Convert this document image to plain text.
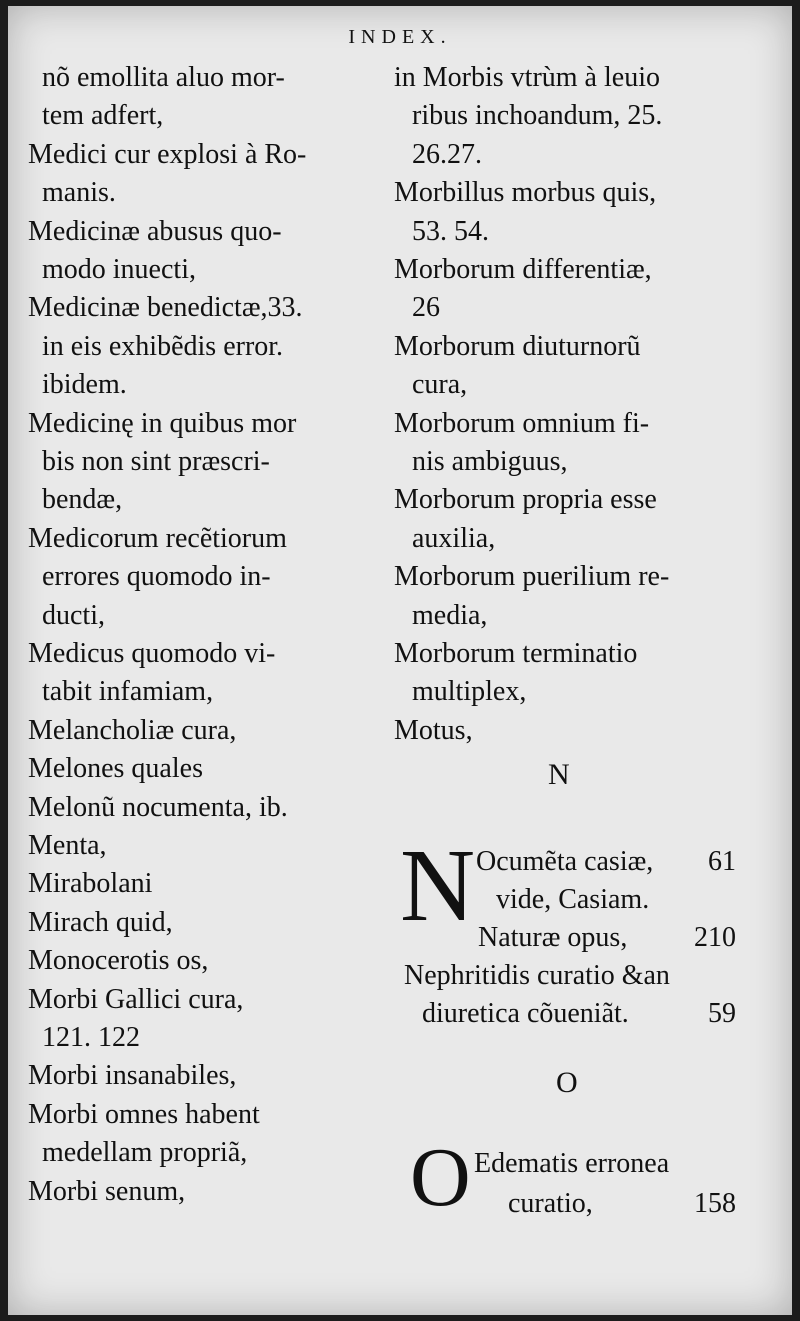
INDEX.
nõ emollita aluo mor-
tem adfert,
Medici cur explosi à Ro-
manis.
Medicinæ abusus quo-
modo inuecti,
Medicinæ benedictæ,33.
in eis exhibẽdis error.
ibidem.
Medicinę in quibus mor
bis non sint præscri-
bendæ,
Medicorum recẽtiorum
errores quomodo in-
ducti,
Medicus quomodo vi-
tabit infamiam,
Melancholiæ cura,
Melones quales
Melonũ nocumenta, ib.
Menta,
Mirabolani
Mirach quid,
Monocerotis os,
Morbi Gallici cura,
121. 122
Morbi insanabiles,
Morbi omnes habent
medellam propriã,
Morbi senum,
in Morbis vtrùm à leuio
ribus inchoandum, 25.
26.27.
Morbillus morbus quis,
53. 54.
Morborum differentiæ,
26
Morborum diuturnorũ
cura,
Morborum omnium fi-
nis ambiguus,
Morborum propria esse
auxilia,
Morborum puerilium re-
media,
Morborum terminatio
multiplex,
Motus,
N
N Ocumẽta casiæ, 61
vide, Casiam.
Naturæ opus, 210
Nephritidis curatio &an
diuretica cõueniãt.	59
O
O Edematis erronea
curatio,	158
